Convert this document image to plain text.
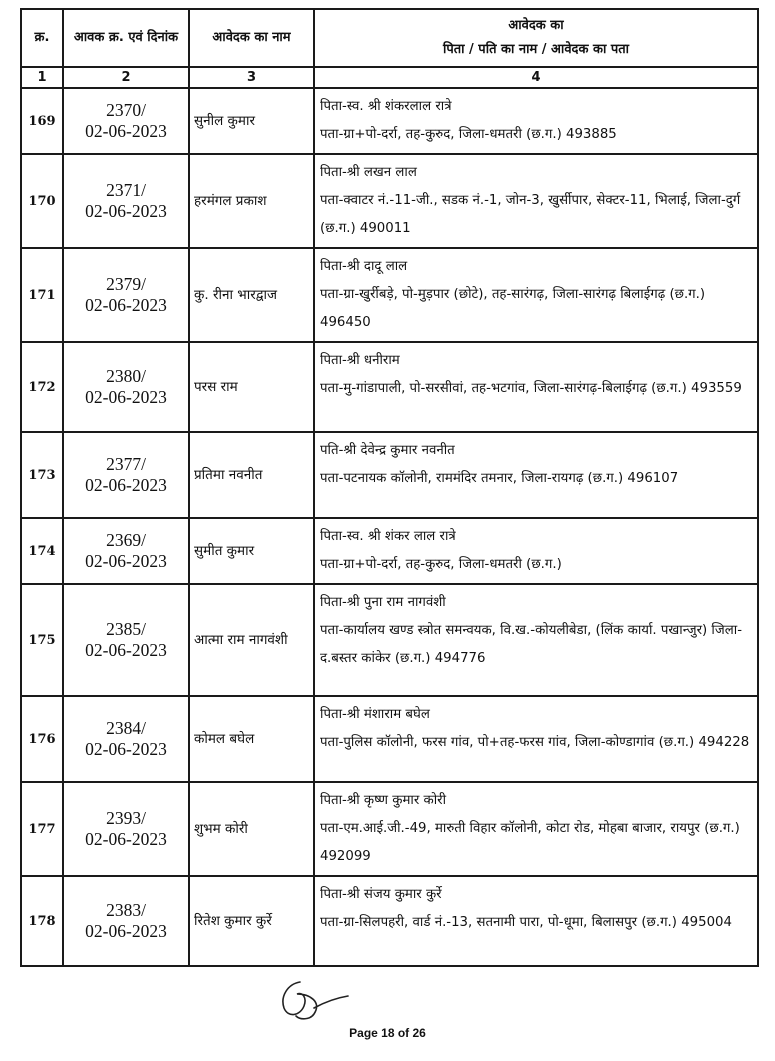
क्र.	आवक क्र. एवं दिनांक	आवेदक का नाम	आवेदक का
पिता / पति का नाम / आवेदक का पता

1	2	3	4
169	2370/
02-06-2023	सुनील कुमार	पिता-स्व. श्री शंकरलाल रात्रे
पता-ग्रा+पो-दर्रा, तह-कुरुद, जिला-धमतरी (छ.ग.) 493885

170	2371/
02-06-2023	हरमंगल प्रकाश	पिता-श्री लखन लाल
पता-क्वाटर नं.-11-जी., सडक नं.-1, जोन-3, खुर्सीपार, सेक्टर-11, भिलाई, जिला-दुर्ग (छ.ग.) 490011

171	2379/
02-06-2023	कु. रीना भारद्वाज	पिता-श्री दादू लाल
पता-ग्रा-खुर्रीबड़े, पो-मुड़पार (छोटे), तह-सारंगढ़, जिला-सारंगढ़ बिलाईगढ़ (छ.ग.) 496450

172	2380/
02-06-2023	परस राम	पिता-श्री धनीराम
पता-मु-गांडापाली, पो-सरसीवां, तह-भटगांव, जिला-सारंगढ़-बिलाईगढ़ (छ.ग.) 493559

173	2377/
02-06-2023	प्रतिमा नवनीत	पति-श्री देवेन्द्र कुमार नवनीत
पता-पटनायक कॉलोनी, राममंदिर तमनार, जिला-रायगढ़ (छ.ग.) 496107

174	2369/
02-06-2023	सुमीत कुमार	पिता-स्व. श्री शंकर लाल रात्रे
पता-ग्रा+पो-दर्रा, तह-कुरुद, जिला-धमतरी (छ.ग.)

175	2385/
02-06-2023	आत्मा राम नागवंशी	पिता-श्री पुना राम नागवंशी
पता-कार्यालय खण्ड स्त्रोत समन्वयक, वि.ख.-कोयलीबेडा, (लिंक कार्या. पखान्जुर) जिला-द.बस्तर कांकेर (छ.ग.) 494776

176	2384/
02-06-2023	कोमल बघेल	पिता-श्री मंशाराम बघेल
पता-पुलिस कॉलोनी, फरस गांव, पो+तह-फरस गांव, जिला-कोण्डागांव (छ.ग.) 494228

177	2393/
02-06-2023	शुभम कोरी	पिता-श्री कृष्ण कुमार कोरी
पता-एम.आई.जी.-49, मारुती विहार कॉलोनी, कोटा रोड, मोहबा बाजार, रायपुर (छ.ग.) 492099

178	2383/
02-06-2023	रितेश कुमार कुर्रे	पिता-श्री संजय कुमार कुर्रे
पता-ग्रा-सिलपहरी, वार्ड नं.-13, सतनामी पारा, पो-धूमा, बिलासपुर (छ.ग.) 495004
Page 18 of 26
